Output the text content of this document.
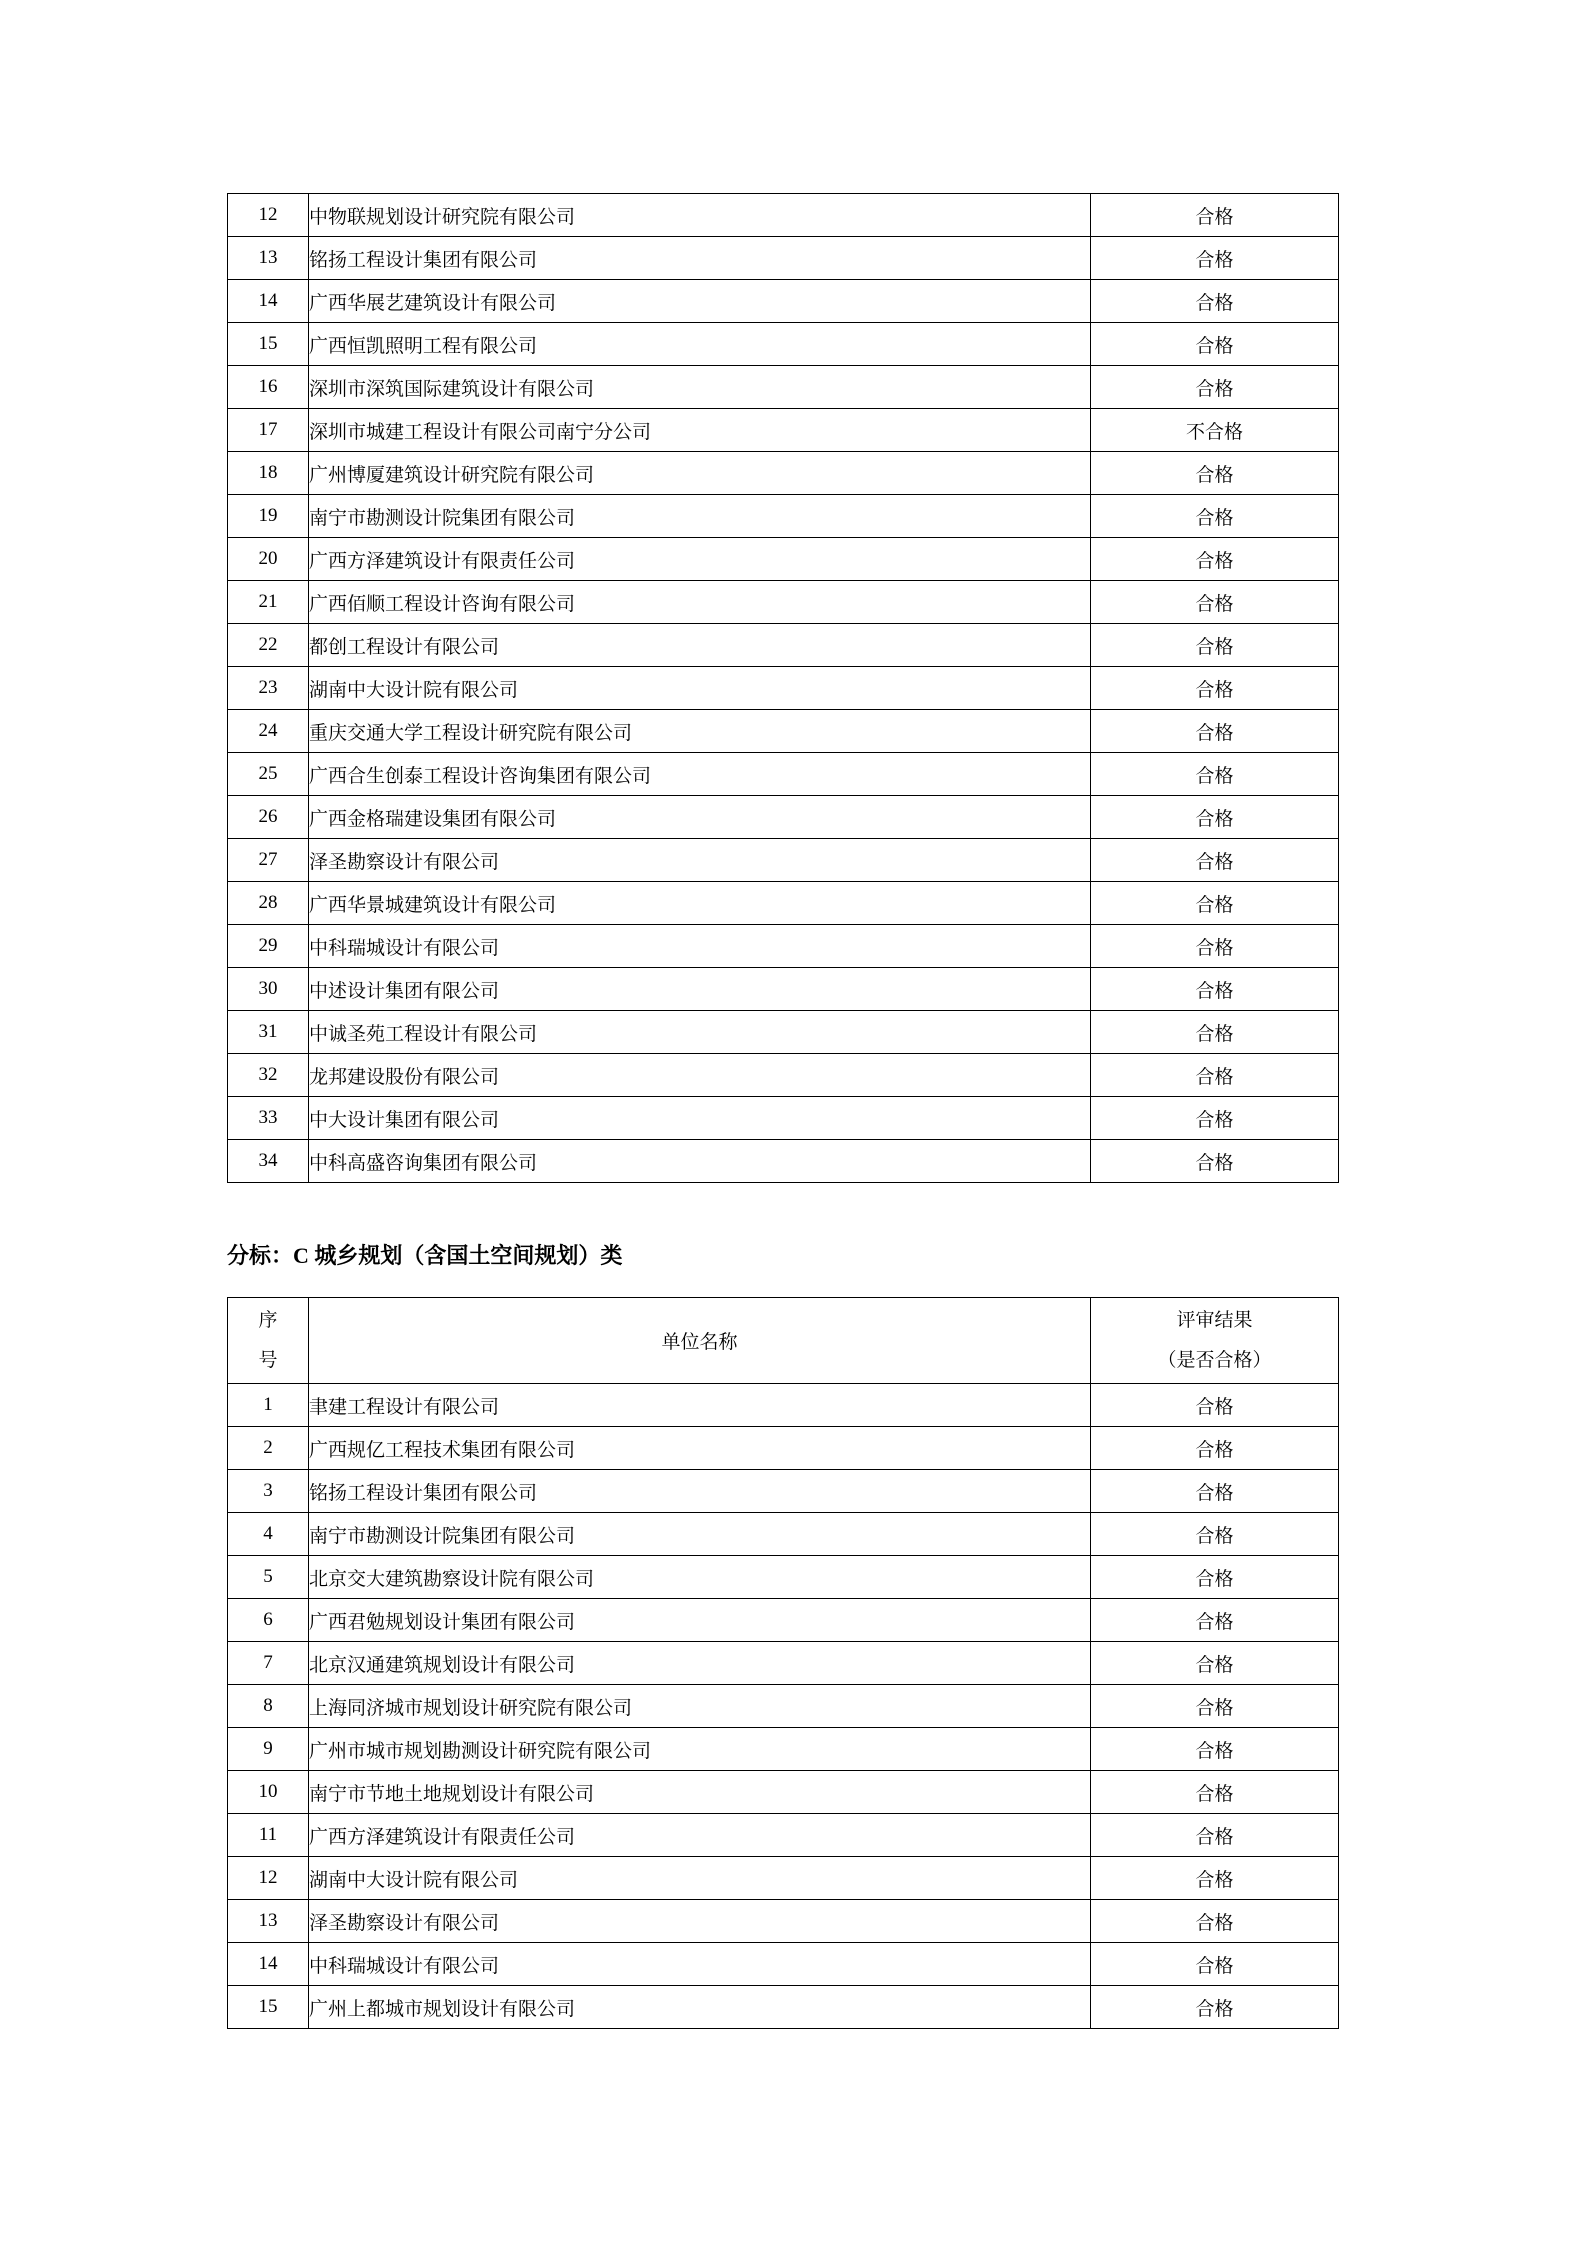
12	中物联规划设计研究院有限公司	合格
13	铭扬工程设计集团有限公司	合格
14	广西华展艺建筑设计有限公司	合格
15	广西恒凯照明工程有限公司	合格
16	深圳市深筑国际建筑设计有限公司	合格
17	深圳市城建工程设计有限公司南宁分公司	不合格
18	广州博厦建筑设计研究院有限公司	合格
19	南宁市勘测设计院集团有限公司	合格
20	广西方泽建筑设计有限责任公司	合格
21	广西佰顺工程设计咨询有限公司	合格
22	都创工程设计有限公司	合格
23	湖南中大设计院有限公司	合格
24	重庆交通大学工程设计研究院有限公司	合格
25	广西合生创泰工程设计咨询集团有限公司	合格
26	广西金格瑞建设集团有限公司	合格
27	泽圣勘察设计有限公司	合格
28	广西华景城建筑设计有限公司	合格
29	中科瑞城设计有限公司	合格
30	中述设计集团有限公司	合格
31	中诚圣苑工程设计有限公司	合格
32	龙邦建设股份有限公司	合格
33	中大设计集团有限公司	合格
34	中科高盛咨询集团有限公司	合格
分标：C 城乡规划（含国土空间规划）类
序号	单位名称	评审结果
（是否合格）

1	聿建工程设计有限公司	合格
2	广西规亿工程技术集团有限公司	合格
3	铭扬工程设计集团有限公司	合格
4	南宁市勘测设计院集团有限公司	合格
5	北京交大建筑勘察设计院有限公司	合格
6	广西君勉规划设计集团有限公司	合格
7	北京汉通建筑规划设计有限公司	合格
8	上海同济城市规划设计研究院有限公司	合格
9	广州市城市规划勘测设计研究院有限公司	合格
10	南宁市节地土地规划设计有限公司	合格
11	广西方泽建筑设计有限责任公司	合格
12	湖南中大设计院有限公司	合格
13	泽圣勘察设计有限公司	合格
14	中科瑞城设计有限公司	合格
15	广州上都城市规划设计有限公司	合格
